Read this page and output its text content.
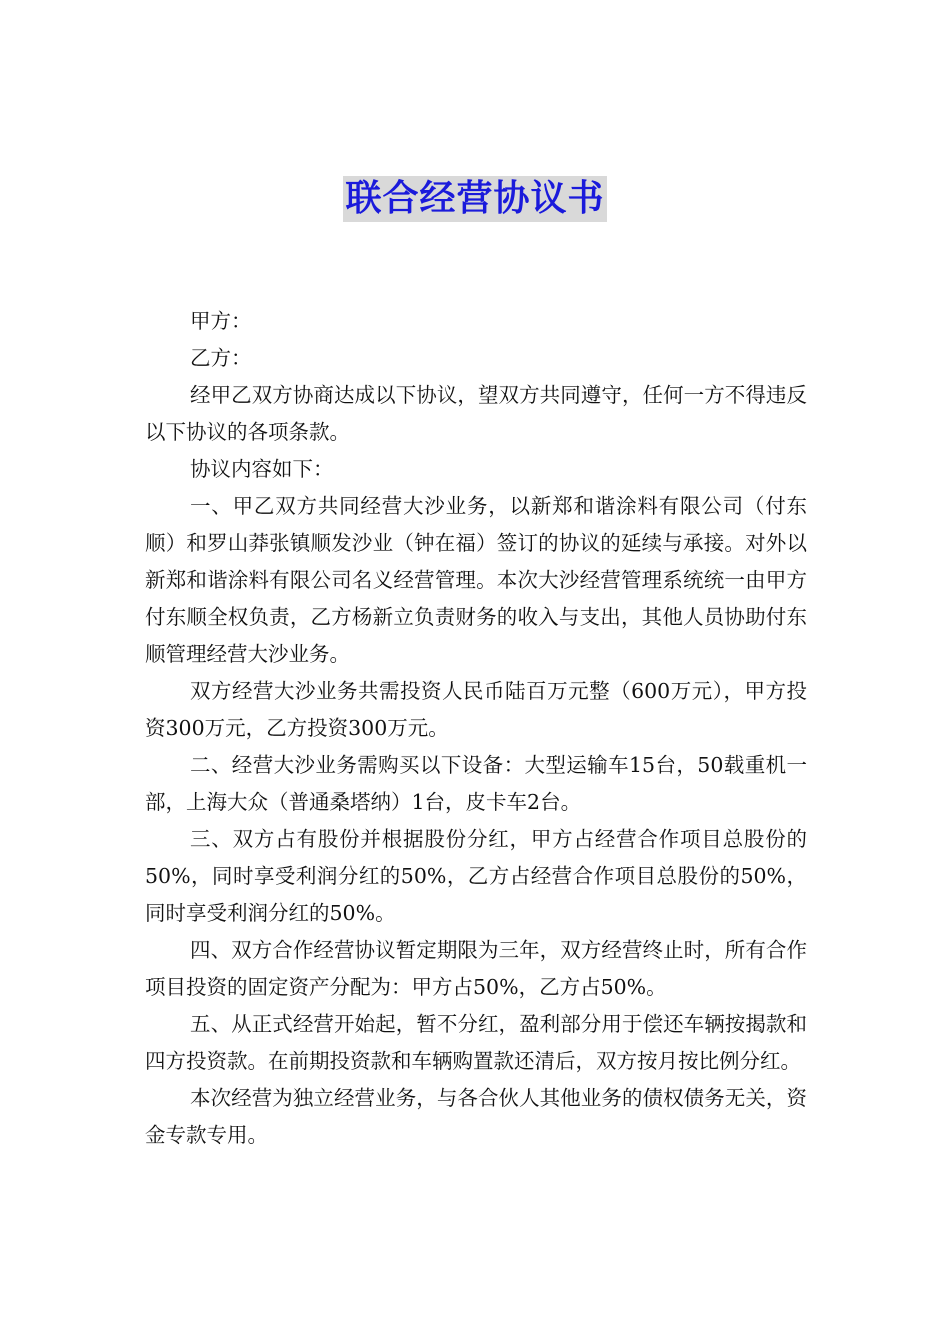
联合经营协议书

甲方：

乙方：

经甲乙双方协商达成以下协议，望双方共同遵守，任何一方不得违反以下协议的各项条款。

协议内容如下：

一、甲乙双方共同经营大沙业务，以新郑和谐涂料有限公司（付东顺）和罗山莽张镇顺发沙业（钟在福）签订的协议的延续与承接。对外以新郑和谐涂料有限公司名义经营管理。本次大沙经营管理系统统一由甲方付东顺全权负责，乙方杨新立负责财务的收入与支出，其他人员协助付东顺管理经营大沙业务。

双方经营大沙业务共需投资人民币陆百万元整（600万元），甲方投资300万元，乙方投资300万元。

二、经营大沙业务需购买以下设备：大型运输车15台，50载重机一部，上海大众（普通桑塔纳）1台，皮卡车2台。

三、双方占有股份并根据股份分红，甲方占经营合作项目总股份的50%，同时享受利润分红的50%，乙方占经营合作项目总股份的50%，同时享受利润分红的50%。

四、双方合作经营协议暂定期限为三年，双方经营终止时，所有合作项目投资的固定资产分配为：甲方占50%，乙方占50%。

五、从正式经营开始起，暂不分红，盈利部分用于偿还车辆按揭款和四方投资款。在前期投资款和车辆购置款还清后，双方按月按比例分红。

本次经营为独立经营业务，与各合伙人其他业务的债权债务无关，资金专款专用。
